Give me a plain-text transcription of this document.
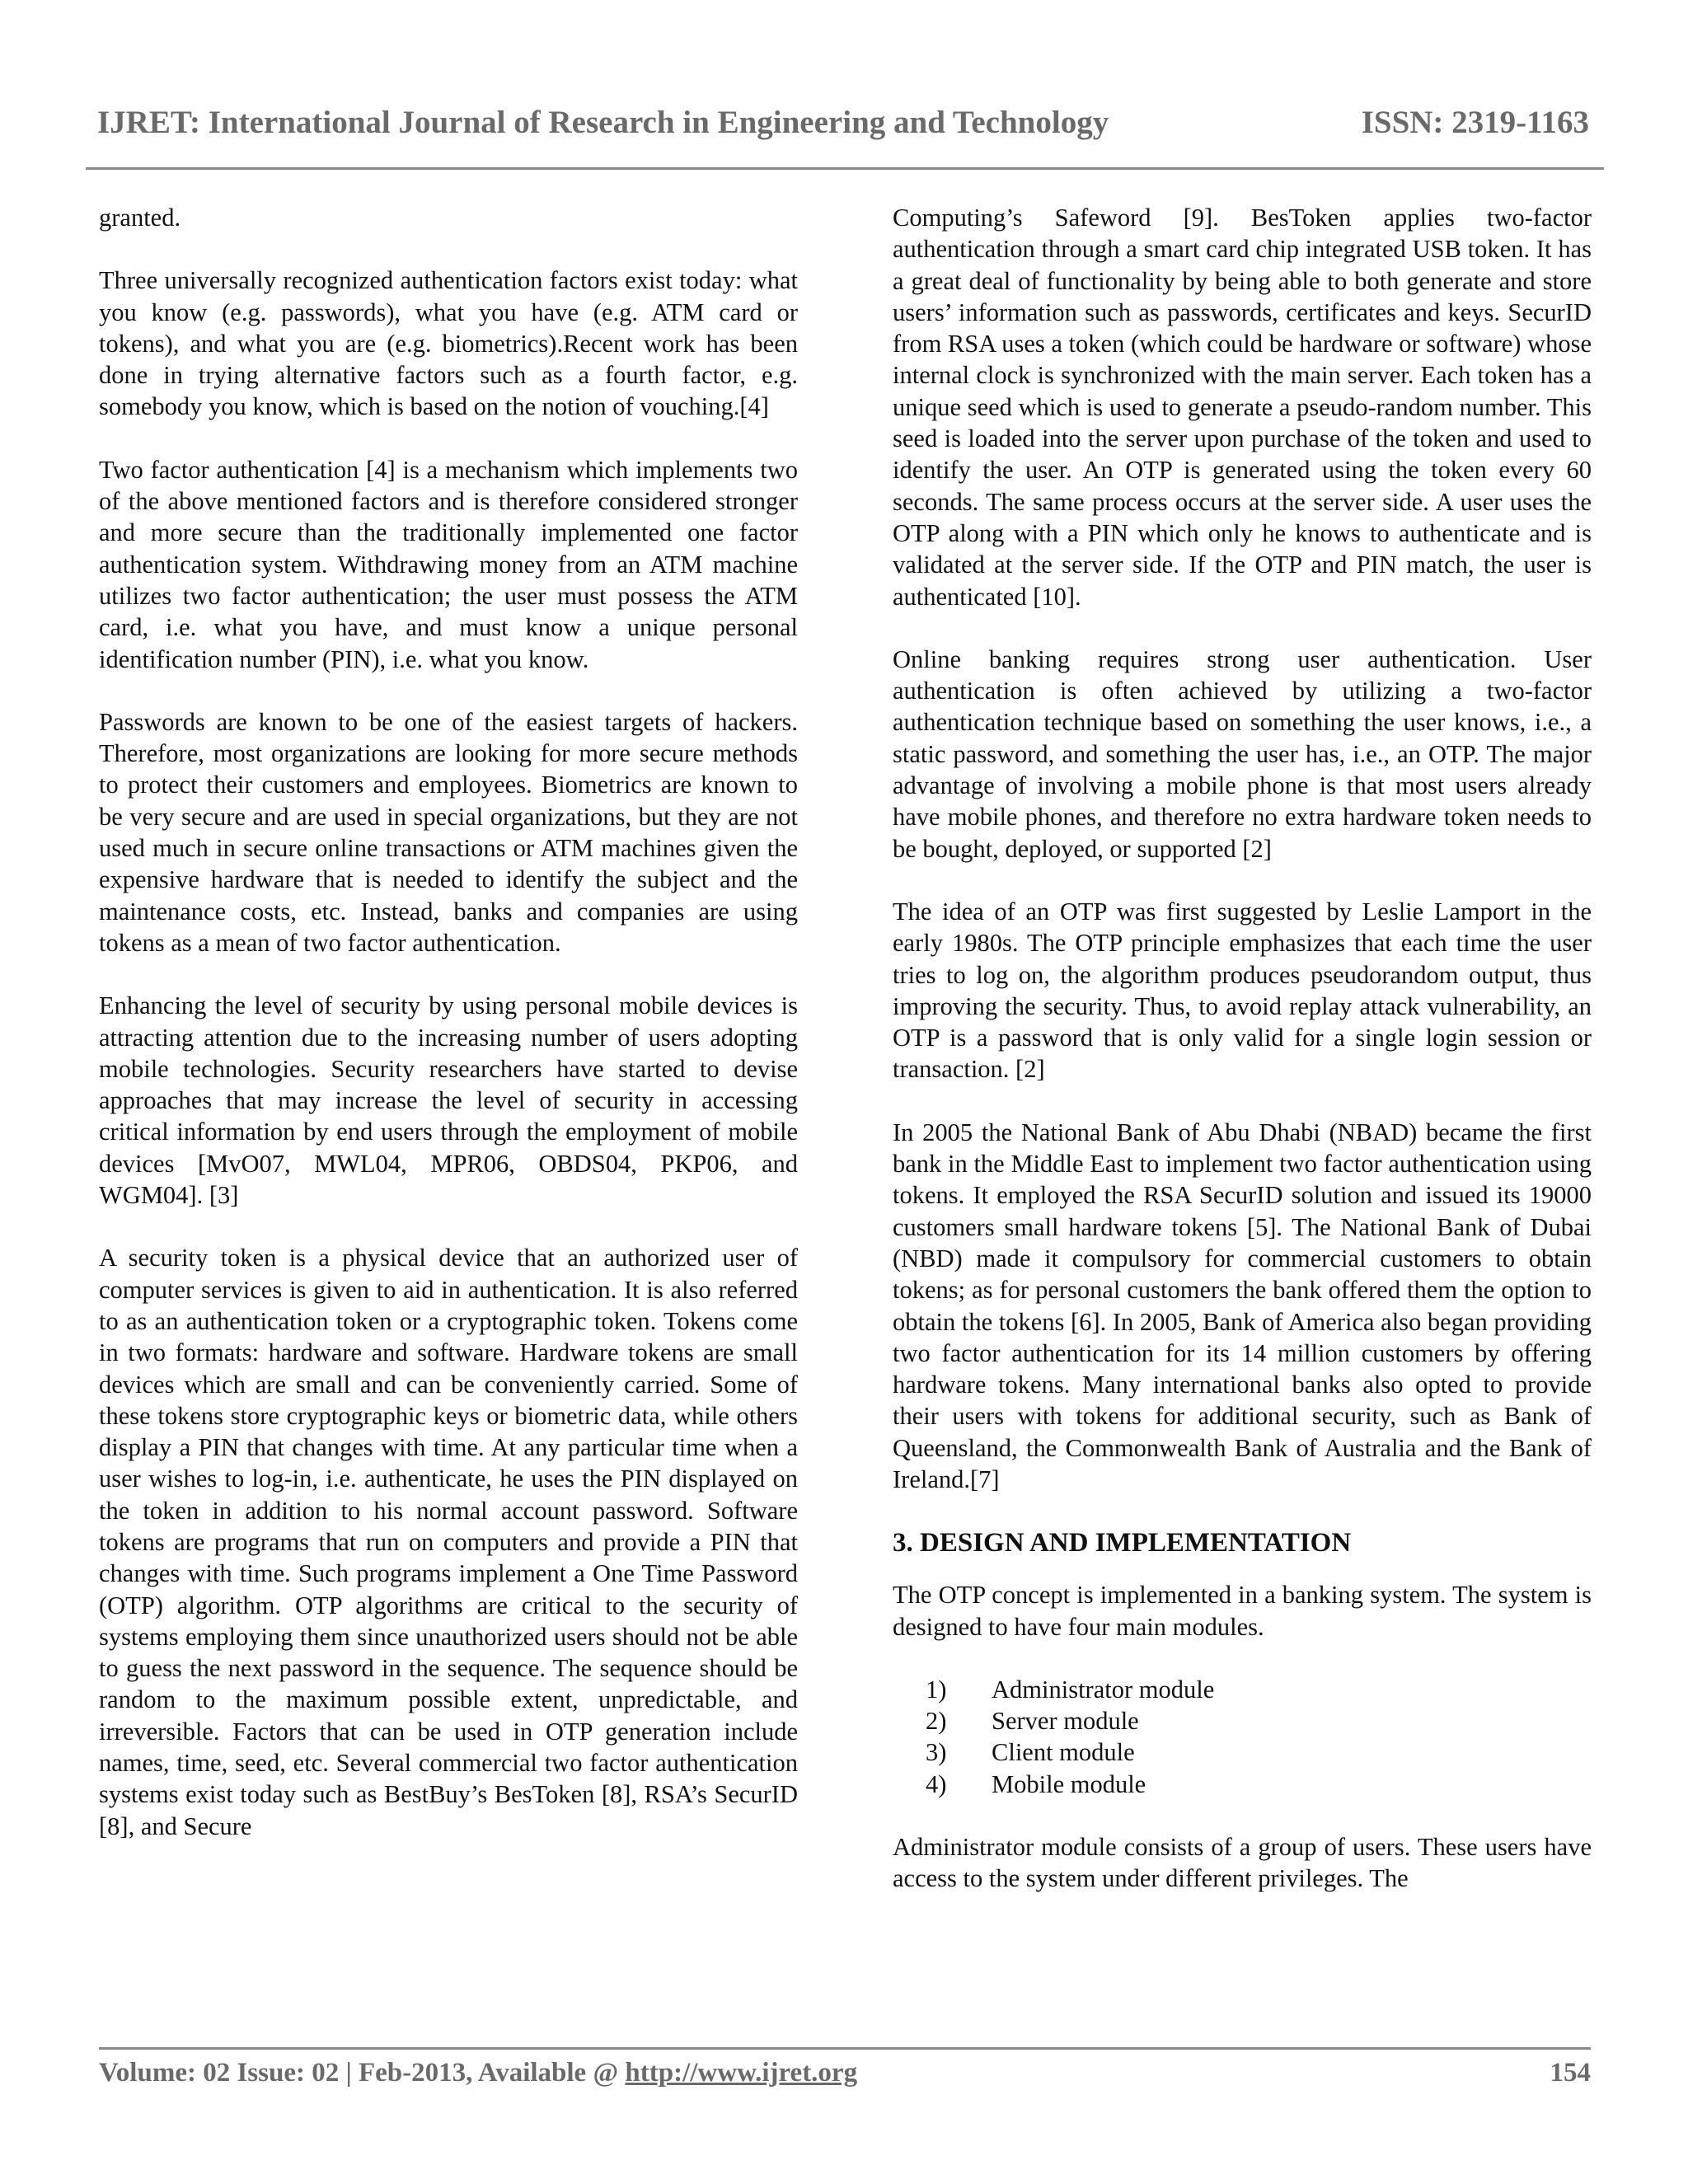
IJRET: International Journal of Research in Engineering and Technology	ISSN: 2319-1163

granted.

Three universally recognized authentication factors exist today: what you know (e.g. passwords), what you have (e.g. ATM card or tokens), and what you are (e.g. biometrics).Recent work has been done in trying alternative factors such as a fourth factor, e.g. somebody you know, which is based on the notion of vouching.[4]

Two factor authentication [4] is a mechanism which implements two of the above mentioned factors and is therefore considered stronger and more secure than the traditionally implemented one factor authentication system. Withdrawing money from an ATM machine utilizes two factor authentication; the user must possess the ATM card, i.e. what you have, and must know a unique personal identification number (PIN), i.e. what you know.

Passwords are known to be one of the easiest targets of hackers. Therefore, most organizations are looking for more secure methods to protect their customers and employees. Biometrics are known to be very secure and are used in special organizations, but they are not used much in secure online transactions or ATM machines given the expensive hardware that is needed to identify the subject and the maintenance costs, etc. Instead, banks and companies are using tokens as a mean of two factor authentication.

Enhancing the level of security by using personal mobile devices is attracting attention due to the increasing number of users adopting mobile technologies. Security researchers have started to devise approaches that may increase the level of security in accessing critical information by end users through the employment of mobile devices [MvO07, MWL04, MPR06, OBDS04, PKP06, and WGM04]. [3]

A security token is a physical device that an authorized user of computer services is given to aid in authentication. It is also referred to as an authentication token or a cryptographic token. Tokens come in two formats: hardware and software. Hardware tokens are small devices which are small and can be conveniently carried. Some of these tokens store cryptographic keys or biometric data, while others display a PIN that changes with time. At any particular time when a user wishes to log-in, i.e. authenticate, he uses the PIN displayed on the token in addition to his normal account password. Software tokens are programs that run on computers and provide a PIN that changes with time. Such programs implement a One Time Password (OTP) algorithm. OTP algorithms are critical to the security of systems employing them since unauthorized users should not be able to guess the next password in the sequence. The sequence should be random to the maximum possible extent, unpredictable, and irreversible. Factors that can be used in OTP generation include names, time, seed, etc. Several commercial two factor authentication systems exist today such as BestBuy’s BesToken [8], RSA’s SecurID [8], and Secure

Computing’s Safeword [9]. BesToken applies two-factor authentication through a smart card chip integrated USB token. It has a great deal of functionality by being able to both generate and store users’ information such as passwords, certificates and keys. SecurID from RSA uses a token (which could be hardware or software) whose internal clock is synchronized with the main server. Each token has a unique seed which is used to generate a pseudo-random number. This seed is loaded into the server upon purchase of the token and used to identify the user. An OTP is generated using the token every 60 seconds. The same process occurs at the server side. A user uses the OTP along with a PIN which only he knows to authenticate and is validated at the server side. If the OTP and PIN match, the user is authenticated [10].

Online banking requires strong user authentication. User authentication is often achieved by utilizing a two-factor authentication technique based on something the user knows, i.e., a static password, and something the user has, i.e., an OTP. The major advantage of involving a mobile phone is that most users already have mobile phones, and therefore no extra hardware token needs to be bought, deployed, or supported [2]

The idea of an OTP was first suggested by Leslie Lamport in the early 1980s. The OTP principle emphasizes that each time the user tries to log on, the algorithm produces pseudorandom output, thus improving the security. Thus, to avoid replay attack vulnerability, an OTP is a password that is only valid for a single login session or transaction. [2]

In 2005 the National Bank of Abu Dhabi (NBAD) became the first bank in the Middle East to implement two factor authentication using tokens. It employed the RSA SecurID solution and issued its 19000 customers small hardware tokens [5]. The National Bank of Dubai (NBD) made it compulsory for commercial customers to obtain tokens; as for personal customers the bank offered them the option to obtain the tokens [6]. In 2005, Bank of America also began providing two factor authentication for its 14 million customers by offering hardware tokens. Many international banks also opted to provide their users with tokens for additional security, such as Bank of Queensland, the Commonwealth Bank of Australia and the Bank of Ireland.[7]

3. DESIGN AND IMPLEMENTATION

The OTP concept is implemented in a banking system. The system is designed to have four main modules.

1)	Administrator module
2)	Server module
3)	Client module
4)	Mobile module

Administrator module consists of a group of users. These users have access to the system under different privileges. The

Volume: 02 Issue: 02 | Feb-2013, Available @ http://www.ijret.org	154
